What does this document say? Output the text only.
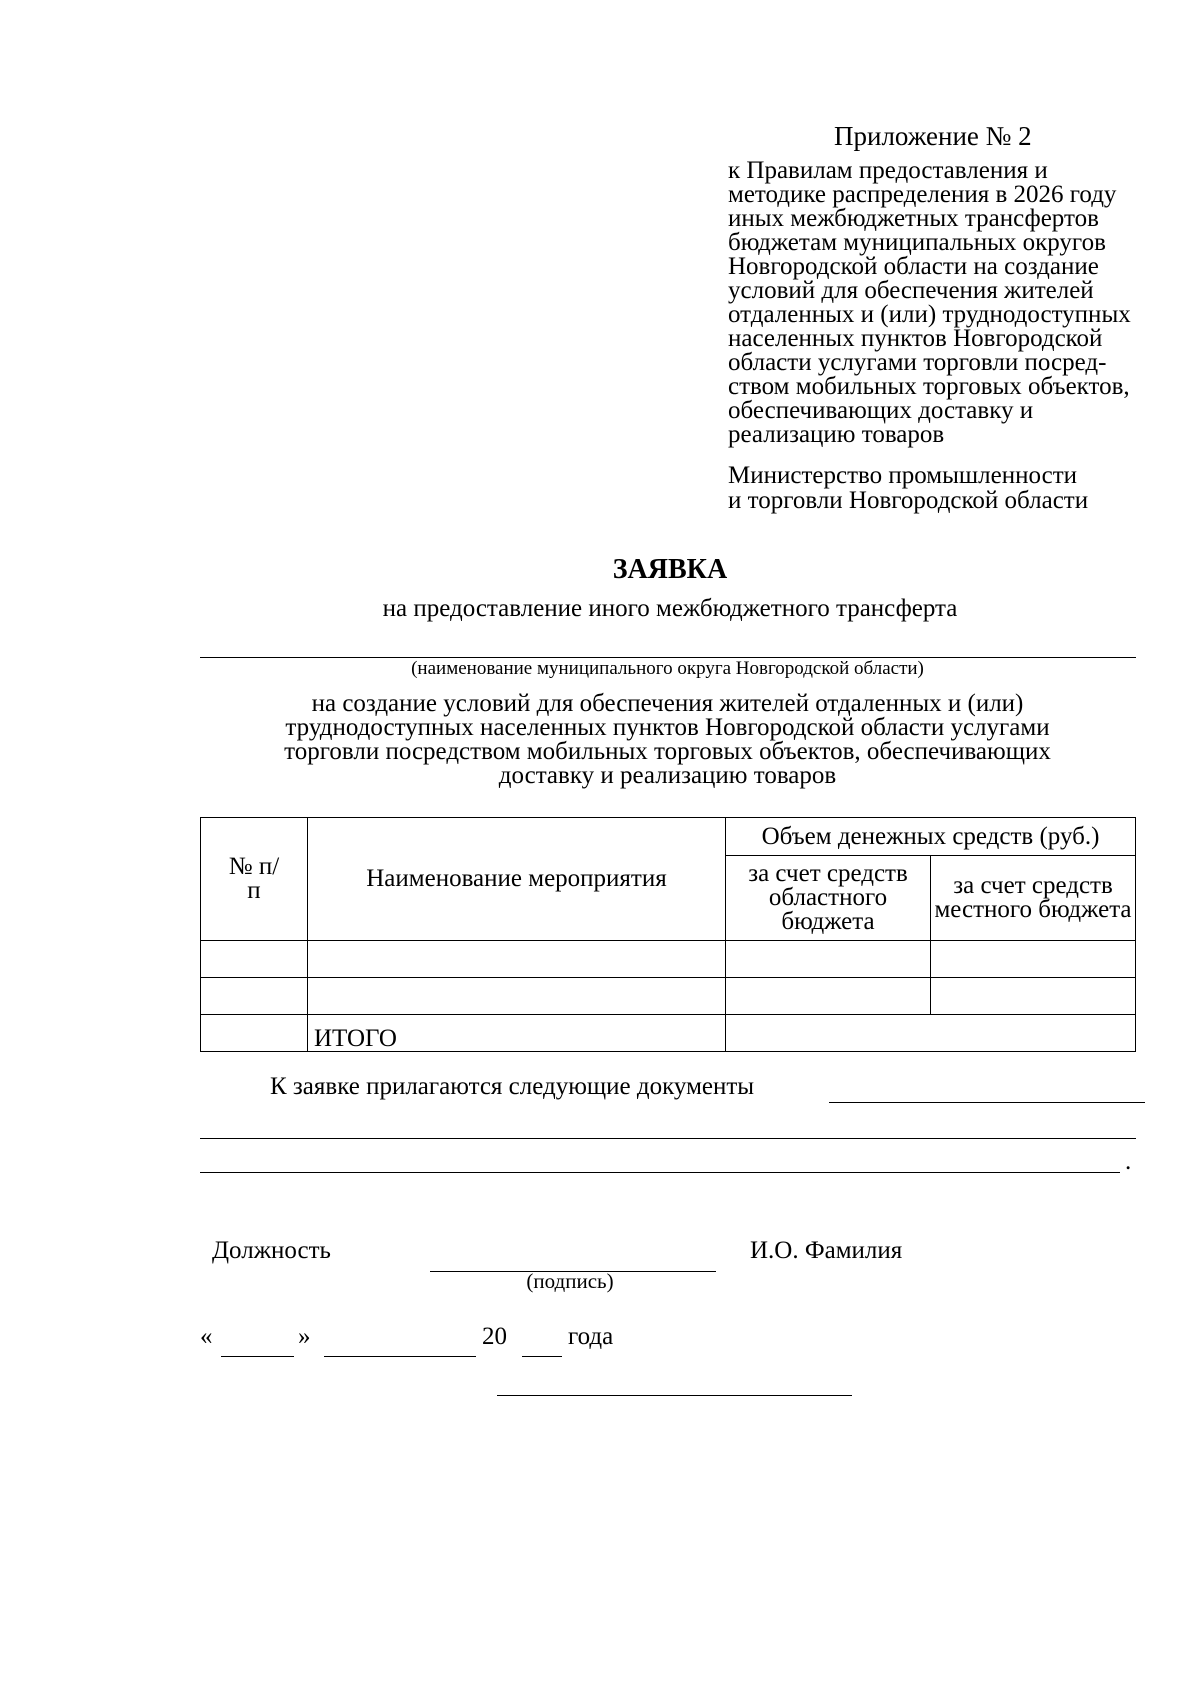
Приложение № 2
к Правилам предоставления и
методике распределения в 2026 году
иных межбюджетных трансфертов
бюджетам муниципальных округов
Новгородской области на создание
условий для обеспечения жителей
отдаленных и (или) труднодоступных
населенных пунктов Новгородской
области услугами торговли посред-
ством мобильных торговых объектов,
обеспечивающих доставку и
реализацию товаров
Министерство промышленности
и торговли Новгородской области
ЗАЯВКА
на предоставление иного межбюджетного трансферта
(наименование муниципального округа Новгородской области)
на создание условий для обеспечения жителей отдаленных и (или)
труднодоступных населенных пунктов Новгородской области услугами
торговли посредством мобильных торговых объектов, обеспечивающих
доставку и реализацию товаров
№ п/п	Наименование мероприятия	Объем денежных средств (руб.)	
		за счет средств областного бюджета	за счет средств местного бюджета

	ИТОГО		
К заявке прилагаются следующие документы
.
Должность
(подпись)
И.О. Фамилия
«	»	20 года
